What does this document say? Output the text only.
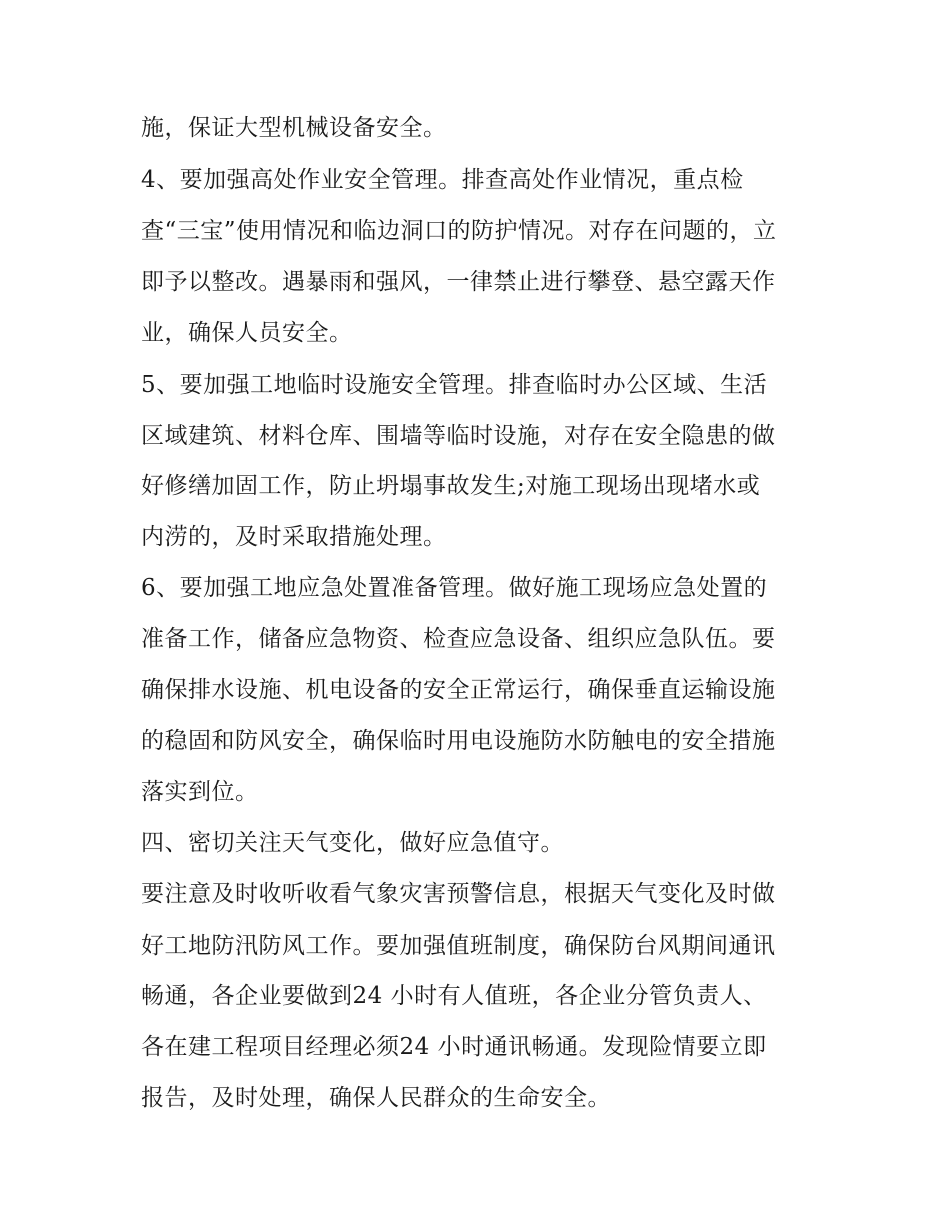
施，保证大型机械设备安全。
4、要加强高处作业安全管理。排查高处作业情况，重点检
查“三宝”使用情况和临边洞口的防护情况。对存在问题的，立
即予以整改。遇暴雨和强风，一律禁止进行攀登、悬空露天作
业，确保人员安全。
5、要加强工地临时设施安全管理。排查临时办公区域、生活
区域建筑、材料仓库、围墙等临时设施，对存在安全隐患的做
好修缮加固工作，防止坍塌事故发生;对施工现场出现堵水或
内涝的，及时采取措施处理。
6、要加强工地应急处置准备管理。做好施工现场应急处置的
准备工作，储备应急物资、检查应急设备、组织应急队伍。要
确保排水设施、机电设备的安全正常运行，确保垂直运输设施
的稳固和防风安全，确保临时用电设施防水防触电的安全措施
落实到位。
四、密切关注天气变化，做好应急值守。
要注意及时收听收看气象灾害预警信息，根据天气变化及时做
好工地防汛防风工作。要加强值班制度，确保防台风期间通讯
畅通，各企业要做到24 小时有人值班，各企业分管负责人、
各在建工程项目经理必须24 小时通讯畅通。发现险情要立即
报告，及时处理，确保人民群众的生命安全。
